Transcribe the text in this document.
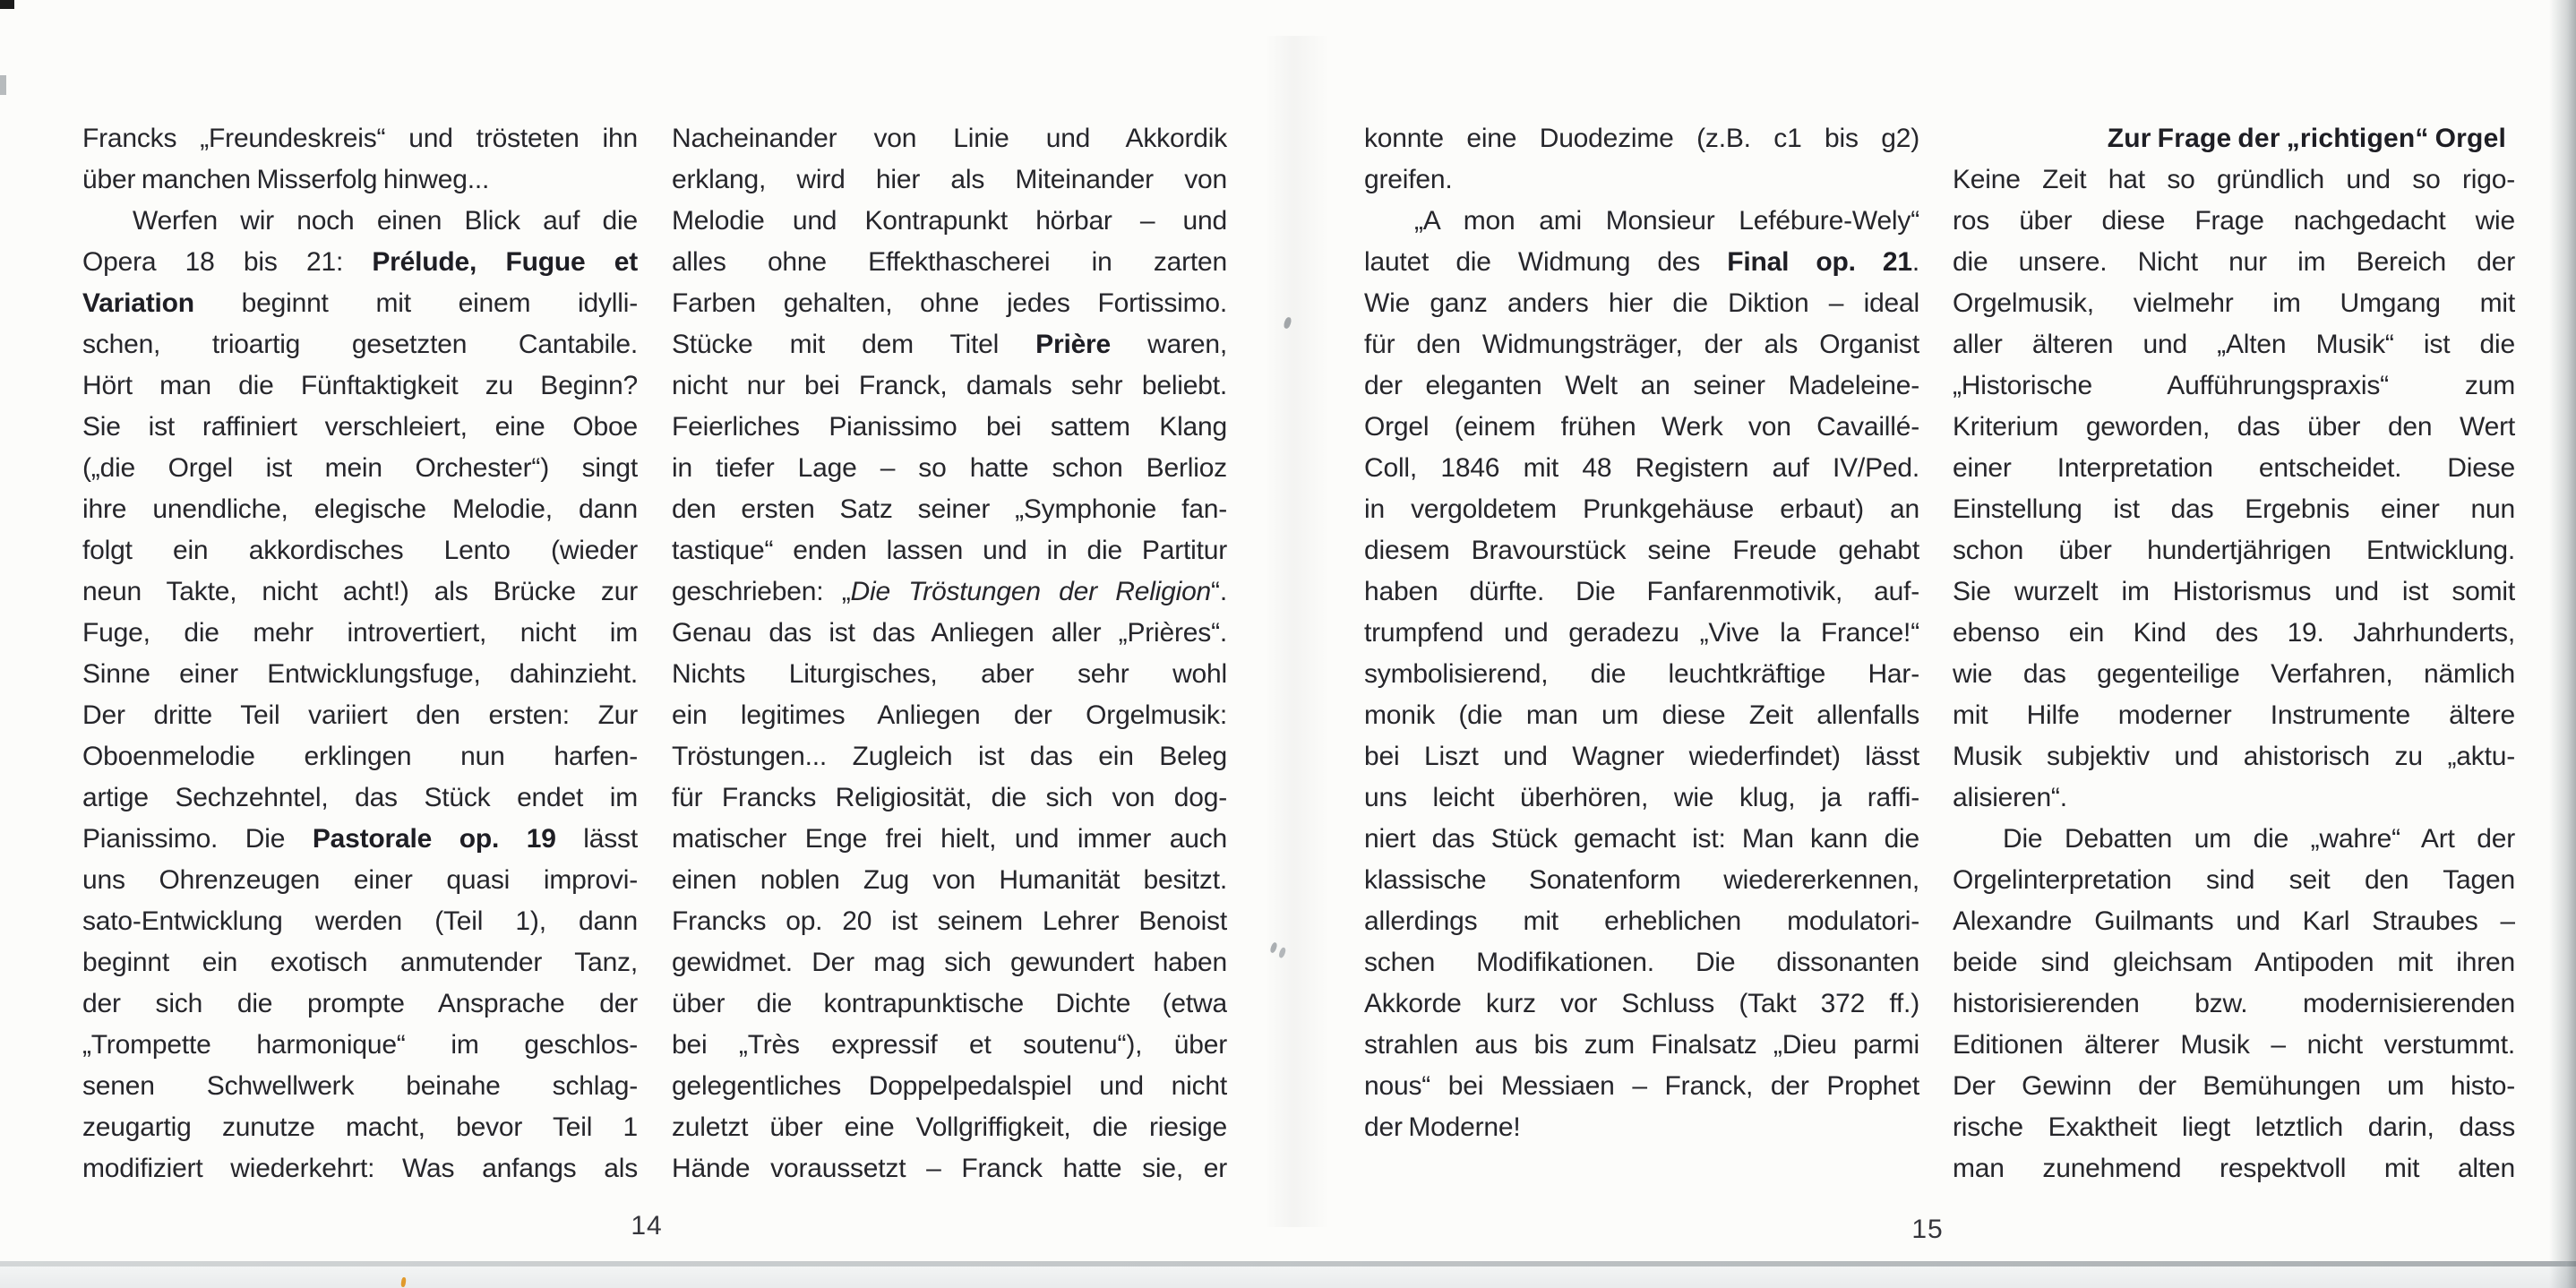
Francks „Freundeskreis“ und trösteten ihn
über manchen Misserfolg hinweg...
Werfen wir noch einen Blick auf die
Opera 18 bis 21: Prélude, Fugue et
Variation beginnt mit einem idylli-
schen, trioartig gesetzten Cantabile.
Hört man die Fünftaktigkeit zu Beginn?
Sie ist raffiniert verschleiert, eine Oboe
(„die Orgel ist mein Orchester“) singt
ihre unendliche, elegische Melodie, dann
folgt ein akkordisches Lento (wieder
neun Takte, nicht acht!) als Brücke zur
Fuge, die mehr introvertiert, nicht im
Sinne einer Entwicklungsfuge, dahinzieht.
Der dritte Teil variiert den ersten: Zur
Oboenmelodie erklingen nun harfen-
artige Sechzehntel, das Stück endet im
Pianissimo. Die Pastorale op. 19 lässt
uns Ohrenzeugen einer quasi improvi-
sato-Entwicklung werden (Teil 1), dann
beginnt ein exotisch anmutender Tanz,
der sich die prompte Ansprache der
„Trompette harmonique“ im geschlos-
senen Schwellwerk beinahe schlag-
zeugartig zunutze macht, bevor Teil 1
modifiziert wiederkehrt: Was anfangs als
Nacheinander von Linie und Akkordik
erklang, wird hier als Miteinander von
Melodie und Kontrapunkt hörbar – und
alles ohne Effekthascherei in zarten
Farben gehalten, ohne jedes Fortissimo.
Stücke mit dem Titel Prière waren,
nicht nur bei Franck, damals sehr beliebt.
Feierliches Pianissimo bei sattem Klang
in tiefer Lage – so hatte schon Berlioz
den ersten Satz seiner „Symphonie fan-
tastique“ enden lassen und in die Partitur
geschrieben: „Die Tröstungen der Religion“.
Genau das ist das Anliegen aller „Prières“.
Nichts Liturgisches, aber sehr wohl
ein legitimes Anliegen der Orgelmusik:
Tröstungen... Zugleich ist das ein Beleg
für Francks Religiosität, die sich von dog-
matischer Enge frei hielt, und immer auch
einen noblen Zug von Humanität besitzt.
Francks op. 20 ist seinem Lehrer Benoist
gewidmet. Der mag sich gewundert haben
über die kontrapunktische Dichte (etwa
bei „Très expressif et soutenu“), über
gelegentliches Doppelpedalspiel und nicht
zuletzt über eine Vollgriffigkeit, die riesige
Hände voraussetzt – Franck hatte sie, er
konnte eine Duodezime (z.B. c1 bis g2)
greifen.
„A mon ami Monsieur Lefébure-Wely“
lautet die Widmung des Final op. 21.
Wie ganz anders hier die Diktion – ideal
für den Widmungsträger, der als Organist
der eleganten Welt an seiner Madeleine-
Orgel (einem frühen Werk von Cavaillé-
Coll, 1846 mit 48 Registern auf IV/Ped.
in vergoldetem Prunkgehäuse erbaut) an
diesem Bravourstück seine Freude gehabt
haben dürfte. Die Fanfarenmotivik, auf-
trumpfend und geradezu „Vive la France!“
symbolisierend, die leuchtkräftige Har-
monik (die man um diese Zeit allenfalls
bei Liszt und Wagner wiederfindet) lässt
uns leicht überhören, wie klug, ja raffi-
niert das Stück gemacht ist: Man kann die
klassische Sonatenform wiedererkennen,
allerdings mit erheblichen modulatori-
schen Modifikationen. Die dissonanten
Akkorde kurz vor Schluss (Takt 372 ff.)
strahlen aus bis zum Finalsatz „Dieu parmi
nous“ bei Messiaen – Franck, der Prophet
der Moderne!
Zur Frage der „richtigen“ Orgel
Keine Zeit hat so gründlich und so rigo-
ros über diese Frage nachgedacht wie
die unsere. Nicht nur im Bereich der
Orgelmusik, vielmehr im Umgang mit
aller älteren und „Alten Musik“ ist die
„Historische Aufführungspraxis“ zum
Kriterium geworden, das über den Wert
einer Interpretation entscheidet. Diese
Einstellung ist das Ergebnis einer nun
schon über hundertjährigen Entwicklung.
Sie wurzelt im Historismus und ist somit
ebenso ein Kind des 19. Jahrhunderts,
wie das gegenteilige Verfahren, nämlich
mit Hilfe moderner Instrumente ältere
Musik subjektiv und ahistorisch zu „aktu-
alisieren“.
Die Debatten um die „wahre“ Art der
Orgelinterpretation sind seit den Tagen
Alexandre Guilmants und Karl Straubes –
beide sind gleichsam Antipoden mit ihren
historisierenden bzw. modernisierenden
Editionen älterer Musik – nicht verstummt.
Der Gewinn der Bemühungen um histo-
rische Exaktheit liegt letztlich darin, dass
man zunehmend respektvoll mit alten
14	15
